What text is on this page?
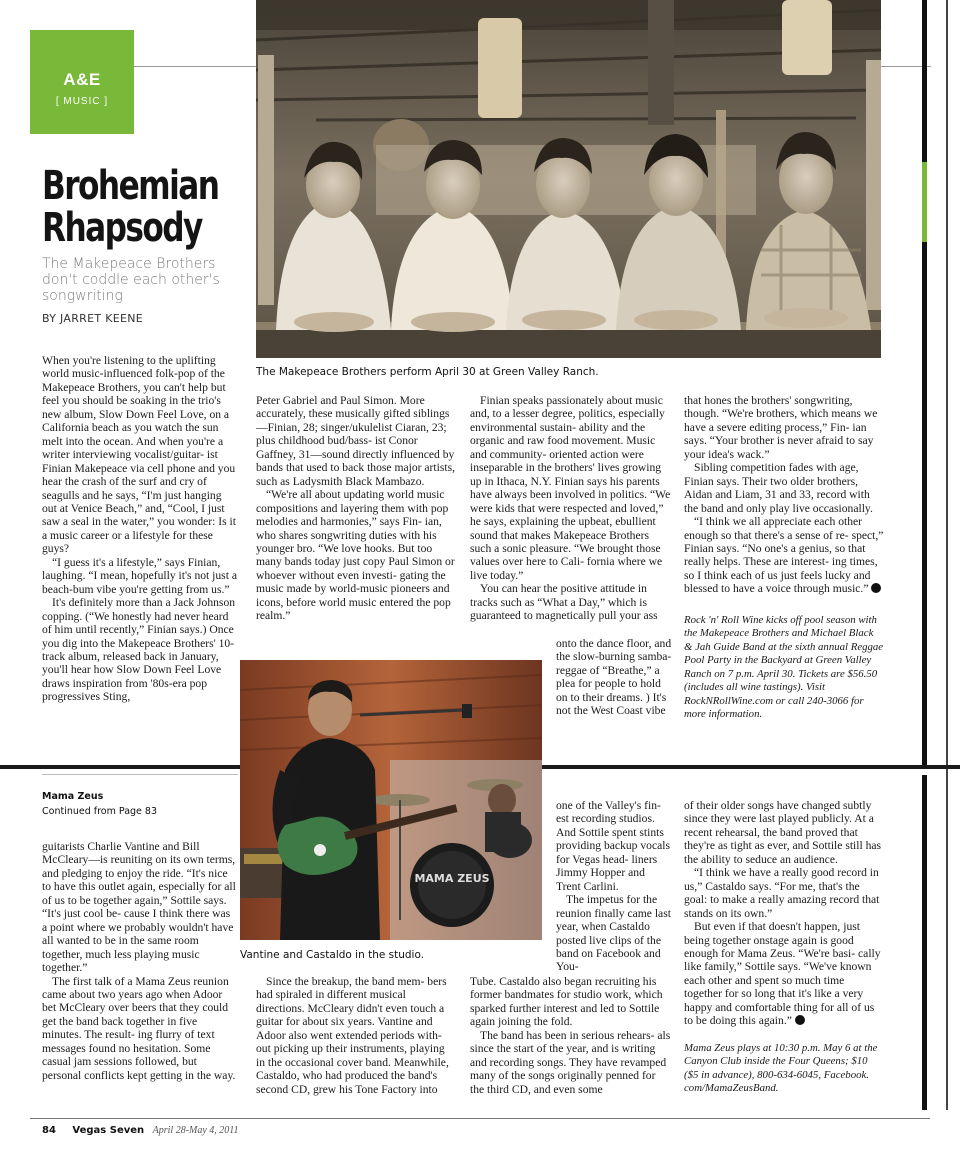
A&E
[ MUSIC ]
Brohemian
Rhapsody
The Makepeace Brothers don't coddle each other's songwriting
BY JARRET KEENE
The Makepeace Brothers perform April 30 at Green Valley Ranch.

When you're listening to the uplifting world music-influenced folk-pop of the Makepeace Brothers, you can't help but feel you should be soaking in the trio's new album, Slow Down Feel Love, on a California beach as you watch the sun melt into the ocean. And when you're a writer interviewing vocalist/guitar- ist Finian Makepeace via cell phone and you hear the crash of the surf and cry of seagulls and he says, “I'm just hanging out at Venice Beach,” and, “Cool, I just saw a seal in the water,” you wonder: Is it a music career or a lifestyle for these guys?

“I guess it's a lifestyle,” says Finian, laughing. “I mean, hopefully it's not just a beach-bum vibe you're getting from us.”

It's definitely more than a Jack Johnson copping. (“We honestly had never heard of him until recently,” Finian says.) Once you dig into the Makepeace Brothers' 10-track album, released back in January, you'll hear how Slow Down Feel Love draws inspiration from '80s-era pop progressives Sting,

Peter Gabriel and Paul Simon. More accurately, these musically gifted siblings—Finian, 28; singer/ukulelist Ciaran, 23; plus childhood bud/bass- ist Conor Gaffney, 31—sound directly influenced by bands that used to back those major artists, such as Ladysmith Black Mambazo.

“We're all about updating world music compositions and layering them with pop melodies and harmonies,” says Fin- ian, who shares songwriting duties with his younger bro. “We love hooks. But too many bands today just copy Paul Simon or whoever without even investi- gating the music made by world-music pioneers and icons, before world music entered the pop realm.”

Finian speaks passionately about music and, to a lesser degree, politics, especially environmental sustain- ability and the organic and raw food movement. Music and community- oriented action were inseparable in the brothers' lives growing up in Ithaca, N.Y. Finian says his parents have always been involved in politics. “We were kids that were respected and loved,” he says, explaining the upbeat, ebullient sound that makes Makepeace Brothers such a sonic pleasure. “We brought those values over here to Cali- fornia where we live today.”

You can hear the positive attitude in tracks such as “What a Day,” which is guaranteed to magnetically pull your ass

onto the dance floor, and the slow-burning samba-reggae of “Breathe,” a plea for people to hold on to their dreams. ) It's not the West Coast vibe

that hones the brothers' songwriting, though. “We're brothers, which means we have a severe editing process,” Fin- ian says. “Your brother is never afraid to say your idea's wack.”

Sibling competition fades with age, Finian says. Their two older brothers, Aidan and Liam, 31 and 33, record with the band and only play live occasionally.

“I think we all appreciate each other enough so that there's a sense of re- spect,” Finian says. “No one's a genius, so that really helps. These are interest- ing times, so I think each of us just feels lucky and blessed to have a voice through music.”

Rock 'n' Roll Wine kicks off pool season with the Makepeace Brothers and Michael Black & Jah Guide Band at the sixth annual Reggae Pool Party in the Backyard at Green Valley Ranch on 7 p.m. April 30. Tickets are $56.50 (includes all wine tastings). Visit RockNRollWine.com or call 240-3066 for more information.

MAMA ZEUS
Vantine and Castaldo in the studio.
Mama Zeus
Continued from Page 83

guitarists Charlie Vantine and Bill McCleary—is reuniting on its own terms, and pledging to enjoy the ride. “It's nice to have this outlet again, especially for all of us to be together again,” Sottile says. “It's just cool be- cause I think there was a point where we probably wouldn't have all wanted to be in the same room together, much less playing music together.”

The first talk of a Mama Zeus reunion came about two years ago when Adoor bet McCleary over beers that they could get the band back together in five minutes. The result- ing flurry of text messages found no hesitation. Some casual jam sessions followed, but personal conflicts kept getting in the way.

Since the breakup, the band mem- bers had spiraled in different musical directions. McCleary didn't even touch a guitar for about six years. Vantine and Adoor also went extended periods with- out picking up their instruments, playing in the occasional cover band. Meanwhile, Castaldo, who had produced the band's second CD, grew his Tone Factory into

one of the Valley's fin- est recording studios. And Sottile spent stints providing backup vocals for Vegas head- liners Jimmy Hopper and Trent Carlini.

The impetus for the reunion finally came last year, when Castaldo posted live clips of the band on Facebook and You-

Tube. Castaldo also began recruiting his former bandmates for studio work, which sparked further interest and led to Sottile again joining the fold.

The band has been in serious rehears- als since the start of the year, and is writing and recording songs. They have revamped many of the songs originally penned for the third CD, and even some

of their older songs have changed subtly since they were last played publicly. At a recent rehearsal, the band proved that they're as tight as ever, and Sottile still has the ability to seduce an audience.

“I think we have a really good record in us,” Castaldo says. “For me, that's the goal: to make a really amazing record that stands on its own.”

But even if that doesn't happen, just being together onstage again is good enough for Mama Zeus. “We're basi- cally like family,” Sottile says. “We've known each other and spent so much time together for so long that it's like a very happy and comfortable thing for all of us to be doing this again.”

Mama Zeus plays at 10:30 p.m. May 6 at the Canyon Club inside the Four Queens; $10 ($5 in advance), 800-634-6045, Facebook. com/MamaZeusBand.

84 Vegas Seven April 28-May 4, 2011
